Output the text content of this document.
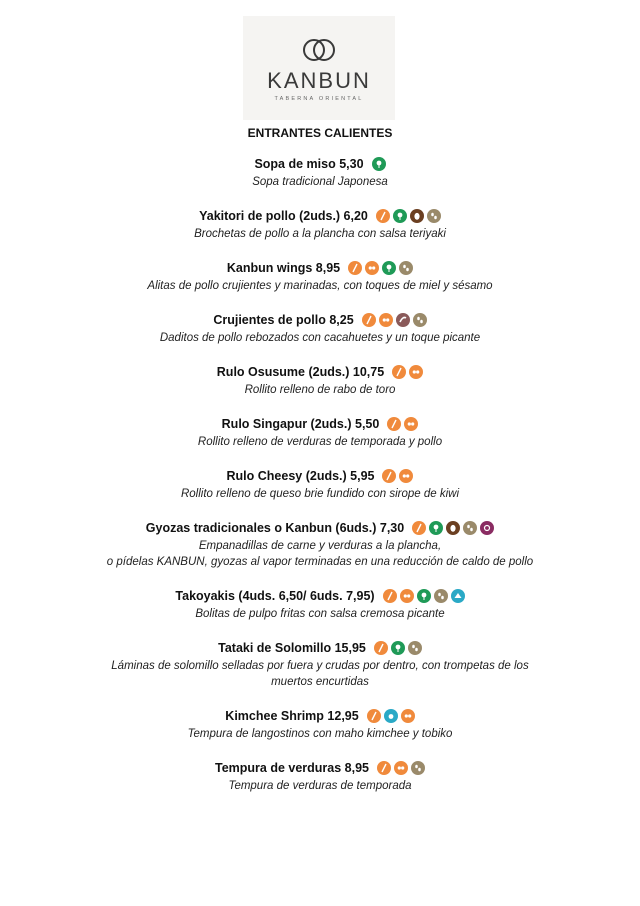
KANBUN
TABERNA ORIENTAL
ENTRANTES CALIENTES
Sopa de miso 5,30
Sopa tradicional Japonesa
Yakitori de pollo (2uds.) 6,20
Brochetas de pollo a la plancha con salsa teriyaki
Kanbun wings 8,95
Alitas de pollo crujientes y marinadas, con toques de miel y sésamo
Crujientes de pollo 8,25
Daditos de pollo rebozados con cacahuetes y un toque picante
Rulo Osusume (2uds.) 10,75
Rollito relleno de rabo de toro
Rulo Singapur (2uds.) 5,50
Rollito relleno de verduras de temporada y pollo
Rulo Cheesy (2uds.) 5,95
Rollito relleno de queso brie fundido con sirope de kiwi
Gyozas tradicionales o Kanbun (6uds.) 7,30
Empanadillas de carne y verduras a la plancha,
o pídelas KANBUN, gyozas al vapor terminadas en una reducción de caldo de pollo
Takoyakis (4uds. 6,50/ 6uds. 7,95)
Bolitas de pulpo fritas con salsa cremosa picante
Tataki de Solomillo 15,95
Láminas de solomillo selladas por fuera y crudas por dentro, con trompetas de los
muertos encurtidas
Kimchee Shrimp 12,95
Tempura de langostinos con maho kimchee y tobiko
Tempura de verduras 8,95
Tempura de verduras de temporada
